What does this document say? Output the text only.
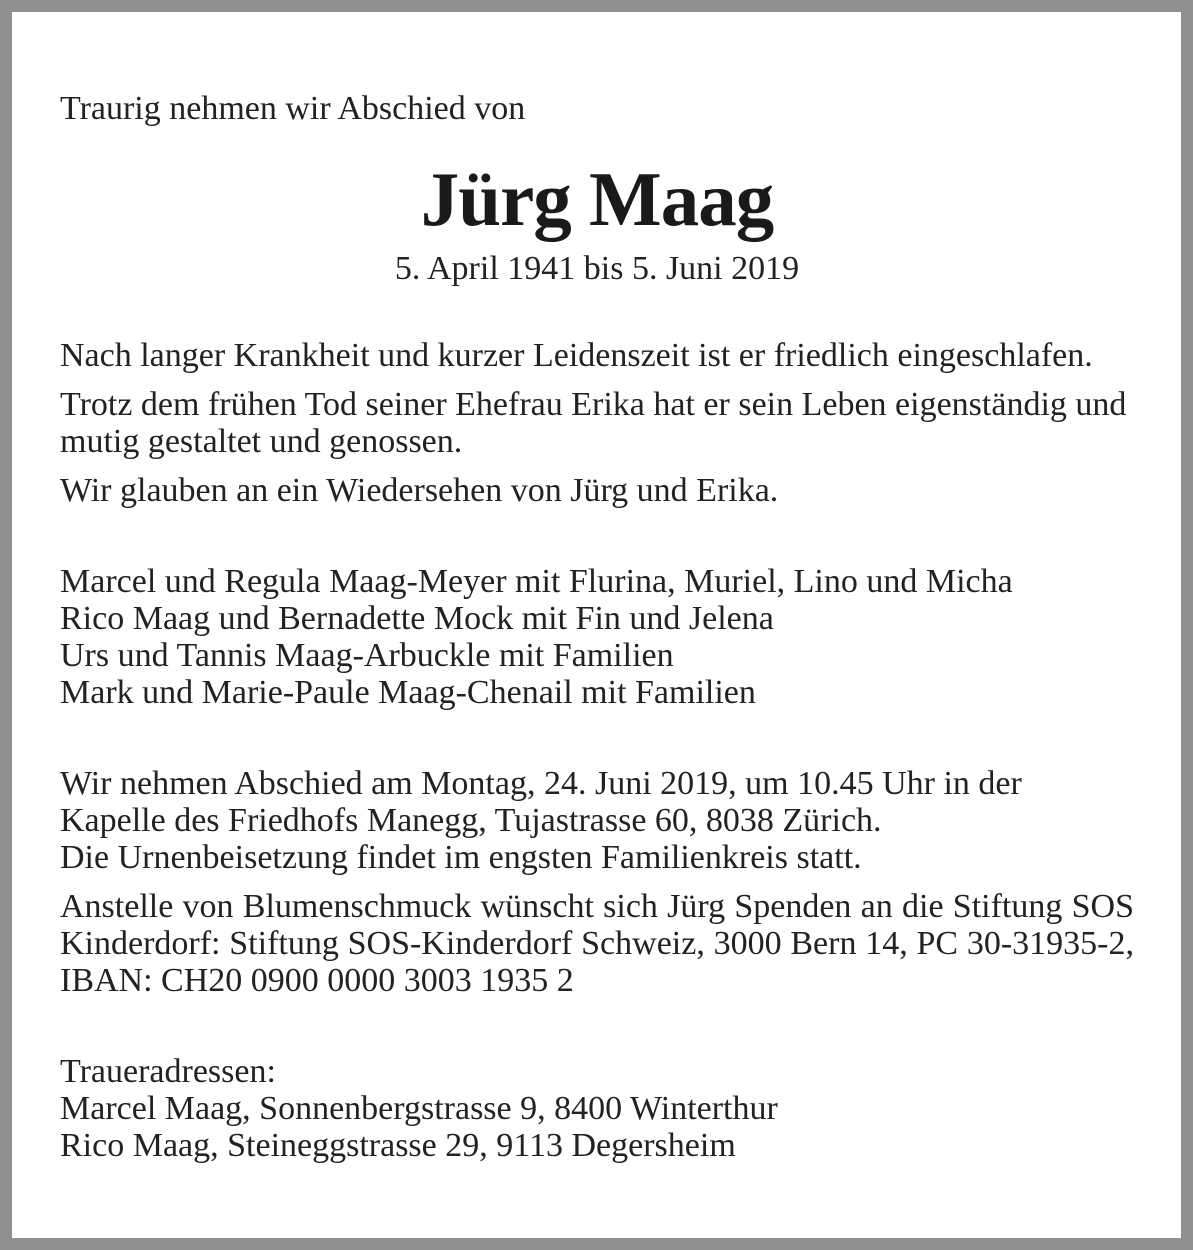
Traurig nehmen wir Abschied von

Jürg Maag

5. April 1941 bis 5. Juni 2019

Nach langer Krankheit und kurzer Leidenszeit ist er friedlich eingeschlafen.

Trotz dem frühen Tod seiner Ehefrau Erika hat er sein Leben eigenständig und mutig gestaltet und genossen.

Wir glauben an ein Wiedersehen von Jürg und Erika.

Marcel und Regula Maag-Meyer mit Flurina, Muriel, Lino und Micha
Rico Maag und Bernadette Mock mit Fin und Jelena
Urs und Tannis Maag-Arbuckle mit Familien
Mark und Marie-Paule Maag-Chenail mit Familien
Wir nehmen Abschied am Montag, 24. Juni 2019, um 10.45 Uhr in der
Kapelle des Friedhofs Manegg, Tujastrasse 60, 8038 Zürich.
Die Urnenbeisetzung findet im engsten Familienkreis statt.

Anstelle von Blumenschmuck wünscht sich Jürg Spenden an die Stiftung SOS Kinderdorf: Stiftung SOS-Kinderdorf Schweiz, 3000 Bern 14, PC 30-31935-2, IBAN: CH20 0900 0000 3003 1935 2

Traueradressen:
Marcel Maag, Sonnenbergstrasse 9, 8400 Winterthur
Rico Maag, Steineggstrasse 29, 9113 Degersheim
